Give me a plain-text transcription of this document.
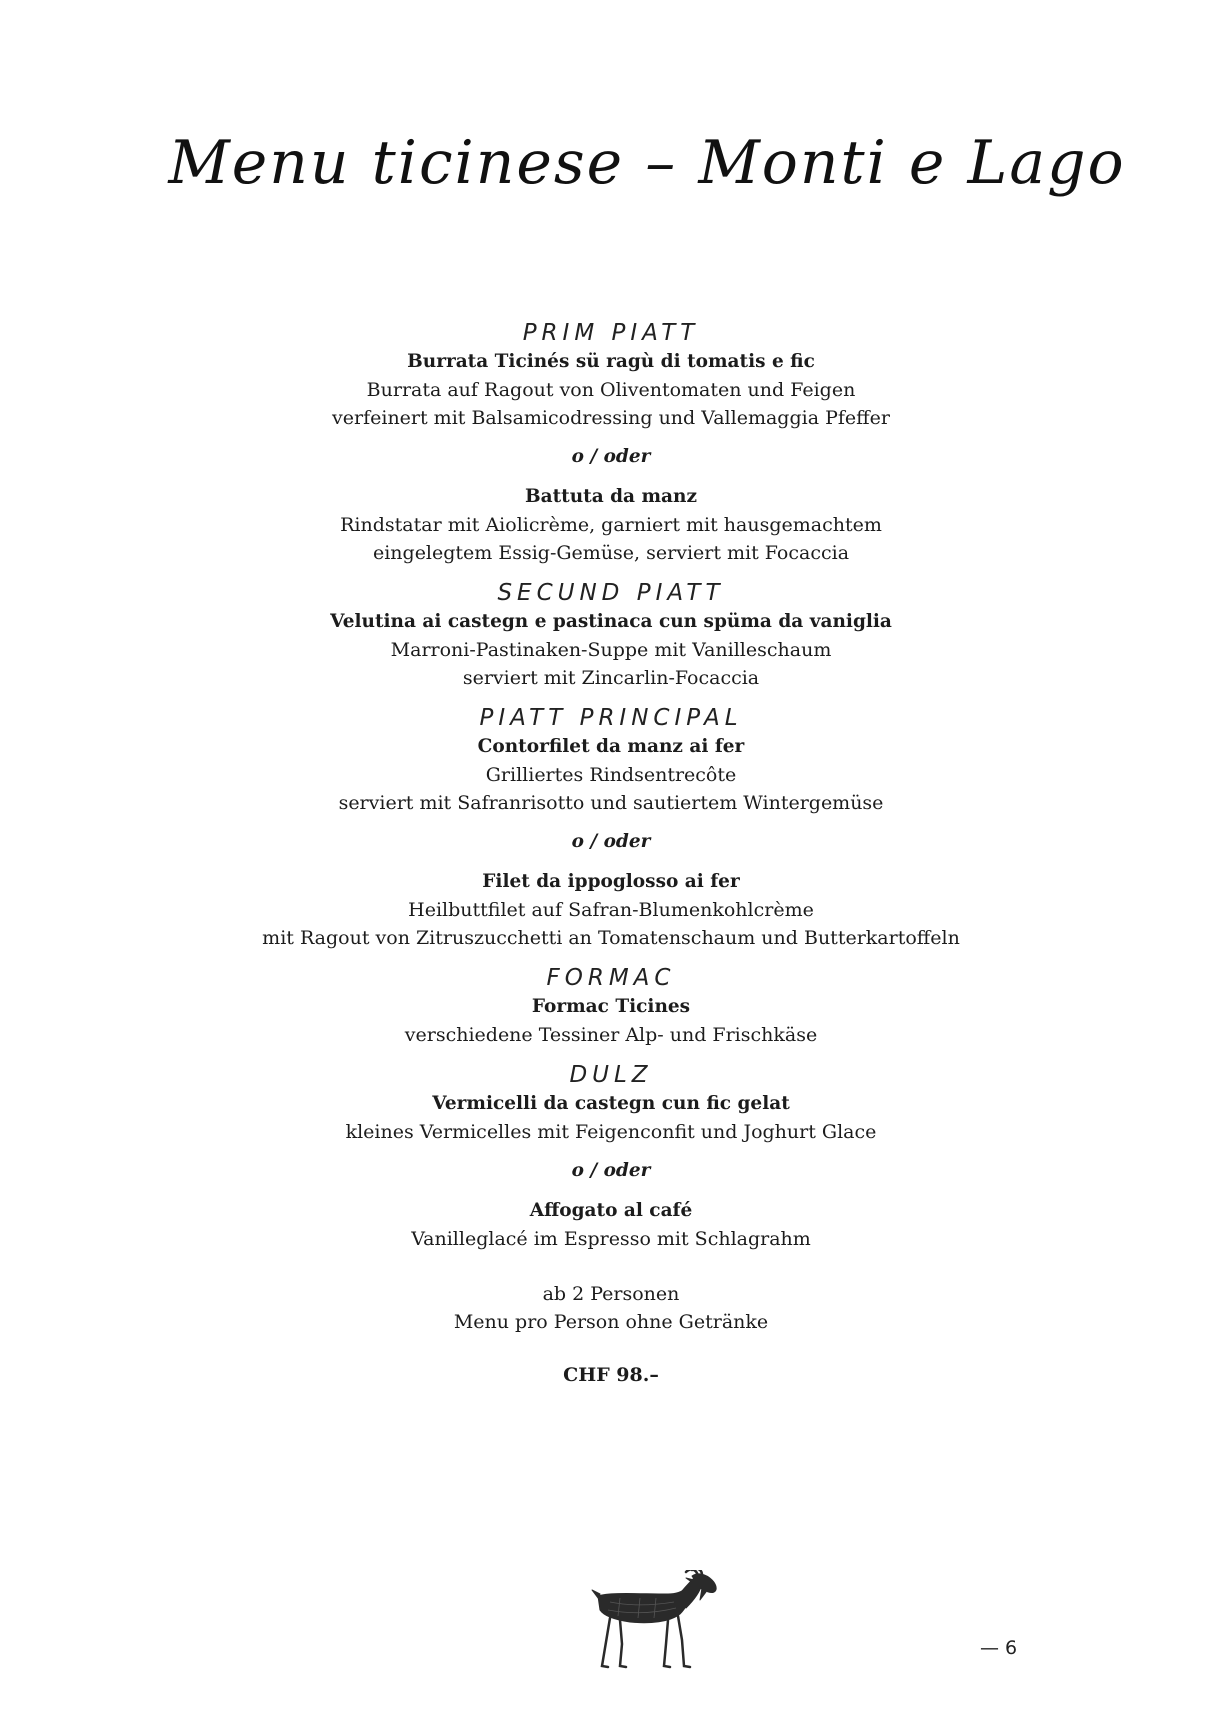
Menu ticinese – Monti e Lago
PRIM PIATT
Burrata Ticinés sü ragù di tomatis e fic
Burrata auf Ragout von Oliventomaten und Feigen
verfeinert mit Balsamicodressing und Vallemaggia Pfeffer
o / oder
Battuta da manz
Rindstatar mit Aiolicrème, garniert mit hausgemachtem
eingelegtem Essig-Gemüse, serviert mit Focaccia
SECUND PIATT
Velutina ai castegn e pastinaca cun spüma da vaniglia
Marroni-Pastinaken-Suppe mit Vanilleschaum
serviert mit Zincarlin-Focaccia
PIATT PRINCIPAL
Contorfilet da manz ai fer
Grilliertes Rindsentrecôte
serviert mit Safranrisotto und sautiertem Wintergemüse
o / oder
Filet da ippoglosso ai fer
Heilbuttfilet auf Safran-Blumenkohlcrème
mit Ragout von Zitruszucchetti an Tomatenschaum und Butterkartoffeln
FORMAC
Formac Ticines
verschiedene Tessiner Alp- und Frischkäse
DULZ
Vermicelli da castegn cun fic gelat
kleines Vermicelles mit Feigenconfit und Joghurt Glace
o / oder
Affogato al café
Vanilleglacé im Espresso mit Schlagrahm
ab 2 Personen
Menu pro Person ohne Getränke
CHF 98.–
— 6
